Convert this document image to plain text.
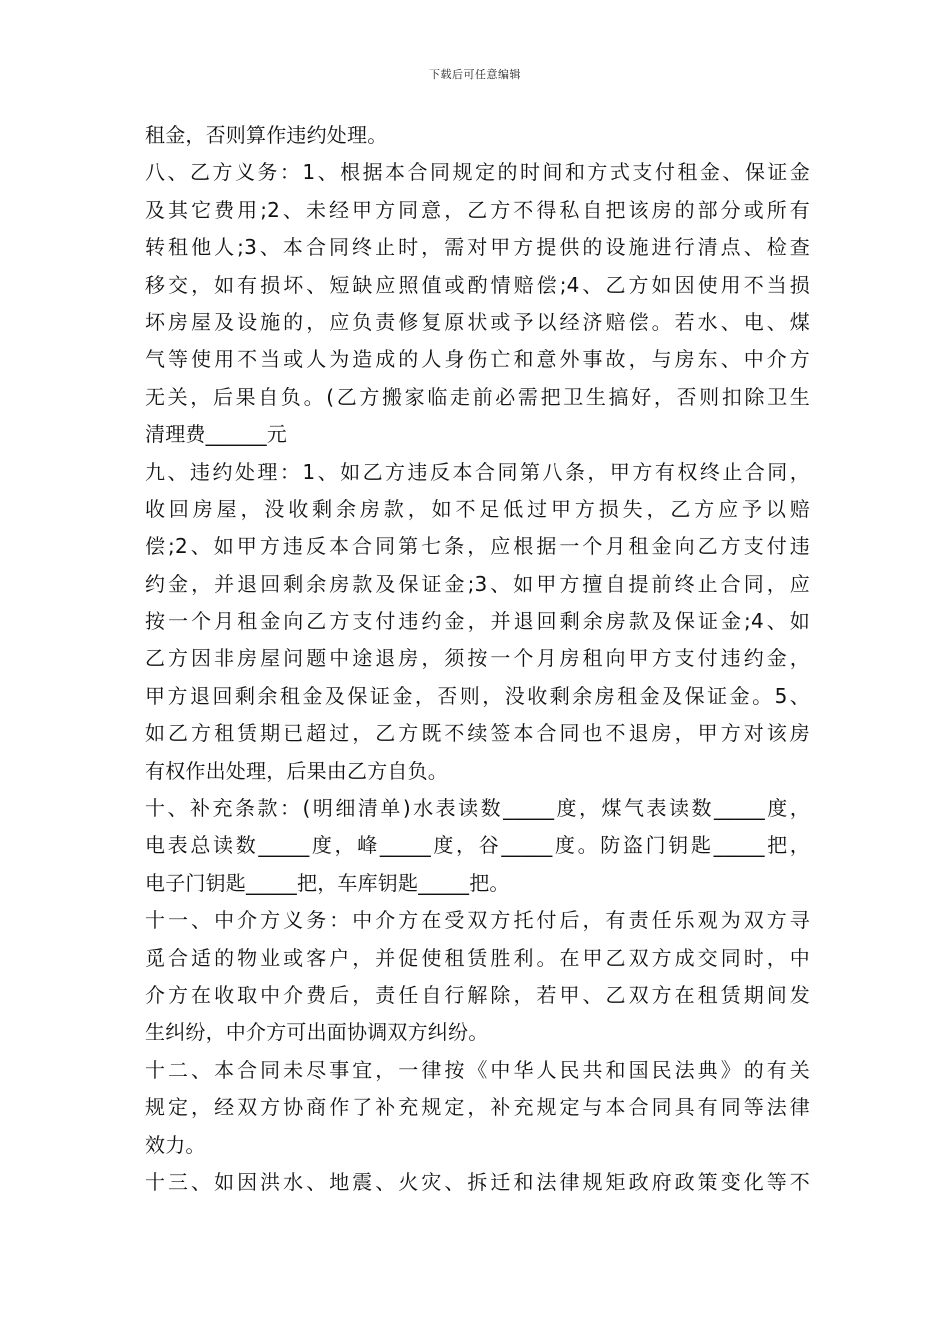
下载后可任意编辑
租金，否则算作违约处理。
八、乙方义务：1、根据本合同规定的时间和方式支付租金、保证金
及其它费用;2、未经甲方同意，乙方不得私自把该房的部分或所有
转租他人;3、本合同终止时，需对甲方提供的设施进行清点、检查
移交，如有损坏、短缺应照值或酌情赔偿;4、乙方如因使用不当损
坏房屋及设施的，应负责修复原状或予以经济赔偿。若水、电、煤
气等使用不当或人为造成的人身伤亡和意外事故，与房东、中介方
无关，后果自负。(乙方搬家临走前必需把卫生搞好，否则扣除卫生
清理费______元
九、违约处理：1、如乙方违反本合同第八条，甲方有权终止合同，
收回房屋，没收剩余房款，如不足低过甲方损失，乙方应予以赔
偿;2、如甲方违反本合同第七条，应根据一个月租金向乙方支付违
约金，并退回剩余房款及保证金;3、如甲方擅自提前终止合同，应
按一个月租金向乙方支付违约金，并退回剩余房款及保证金;4、如
乙方因非房屋问题中途退房，须按一个月房租向甲方支付违约金，
甲方退回剩余租金及保证金，否则，没收剩余房租金及保证金。5、
如乙方租赁期已超过，乙方既不续签本合同也不退房，甲方对该房
有权作出处理，后果由乙方自负。
十、补充条款：(明细清单)水表读数_____度，煤气表读数_____度，
电表总读数_____度，峰_____度，谷_____度。防盗门钥匙_____把，
电子门钥匙_____把，车库钥匙_____把。
十一、中介方义务：中介方在受双方托付后，有责任乐观为双方寻
觅合适的物业或客户，并促使租赁胜利。在甲乙双方成交同时，中
介方在收取中介费后，责任自行解除，若甲、乙双方在租赁期间发
生纠纷，中介方可出面协调双方纠纷。
十二、本合同未尽事宜，一律按《中华人民共和国民法典》的有关
规定，经双方协商作了补充规定，补充规定与本合同具有同等法律
效力。
十三、如因洪水、地震、火灾、拆迁和法律规矩政府政策变化等不
